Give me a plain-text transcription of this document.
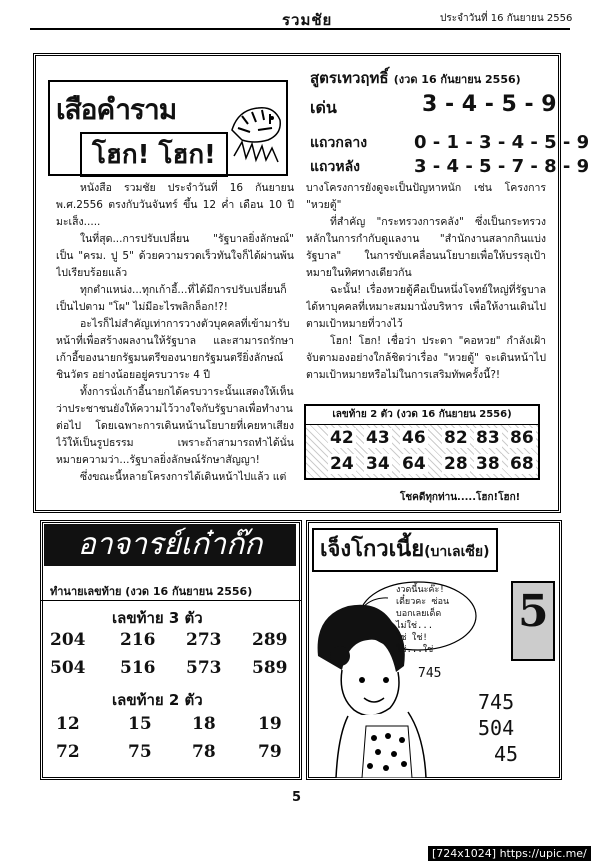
รวมชัย	ประจำวันที่ 16 กันยายน 2556
เสือคำราม
โฮก! โฮก!
สูตรเทวฤทธิ์ (งวด 16 กันยายน 2556)
เด่น	3 - 4 - 5 - 9
แถวกลาง	0 - 1 - 3 - 4 - 5 - 9
แถวหลัง	3 - 4 - 5 - 7 - 8 - 9

หนังสือ รวมชัย ประจำวันที่ 16 กันยายน พ.ศ.2556 ตรงกับวันจันทร์ ขึ้น 12 ค่ำ เดือน 10 ปีมะเส็ง.....

ในที่สุด...การปรับเปลี่ยน "รัฐบาลยิ่งลักษณ์" เป็น "ครม. ปู 5" ด้วยความรวดเร็วทันใจก็ได้ผ่านพ้นไปเรียบร้อยแล้ว

ทุกตำแหน่ง...ทุกเก้าอี้...ที่ได้มีการปรับเปลี่ยนก็เป็นไปตาม "โผ" ไม่มีอะไรพลิกล็อก!?!

อะไรก็ไม่สำคัญเท่าการวางตัวบุคคลที่เข้ามารับหน้าที่เพื่อสร้างผลงานให้รัฐบาล และสามารถรักษาเก้าอี้ของนายกรัฐมนตรีของนายกรัฐมนตรียิ่งลักษณ์ ชินวัตร อย่างน้อยอยู่ครบวาระ 4 ปี

ทั้งการนั่งเก้าอี้นายกได้ครบวาระนั้นแสดงให้เห็นว่าประชาชนยังให้ความไว้วางใจกับรัฐบาลเพื่อทำงานต่อไป โดยเฉพาะการเดินหน้านโยบายที่เคยหาเสียงไว้ให้เป็นรูปธรรม เพราะถ้าสามารถทำได้นั่นหมายความว่า...รัฐบาลยิ่งลักษณ์รักษาสัญญา!

ซึ่งขณะนี้หลายโครงการได้เดินหน้าไปแล้ว แต่

บางโครงการยังดูจะเป็นปัญหาหนัก เช่น โครงการ "หวยตู้"

ที่สำคัญ "กระทรวงการคลัง" ซึ่งเป็นกระทรวงหลักในการกำกับดูแลงาน "สำนักงานสลากกินแบ่งรัฐบาล" ในการขับเคลื่อนนโยบายเพื่อให้บรรลุเป้าหมายในทิศทางเดียวกัน

ฉะนั้น! เรื่องหวยตู้คือเป็นหนึ่งโจทย์ใหญ่ที่รัฐบาลได้หาบุคคลที่เหมาะสมมานั่งบริหาร เพื่อให้งานเดินไปตามเป้าหมายที่วางไว้

โฮก! โฮก! เชื่อว่า ประดา "คอหวย" กำลังเฝ้าจับตามองอย่างใกล้ชิดว่าเรื่อง "หวยตู้" จะเดินหน้าไปตามเป้าหมายหรือไม่ในการเสริมทัพครั้งนี้?!

เลขท้าย 2 ตัว (งวด 16 กันยายน 2556)
42 43 46 82 83 86
24 34 64 28 38 68
โชคดีทุกท่าน.....โฮก!โฮก!
อาจารย์เก๋าก๊ก
ทำนายเลขท้าย (งวด 16 กันยายน 2556)
เลขท้าย 3 ตัว
204 216 273 289
504 516 573 589
เลขท้าย 2 ตัว
12	15 18 19
72	75 78 79
เจ็งโกวเนี้ย(บาเลเซีย)
งวดนี้นะค๊ะ!
เดี๋ยวคะ ซ่อน
บอกเลยเด็ด
ไม่ใช่...
ใช่ ใช่!
ใช่...ใช่
745
5
745
504
45
5
[724x1024] https://upic.me/
